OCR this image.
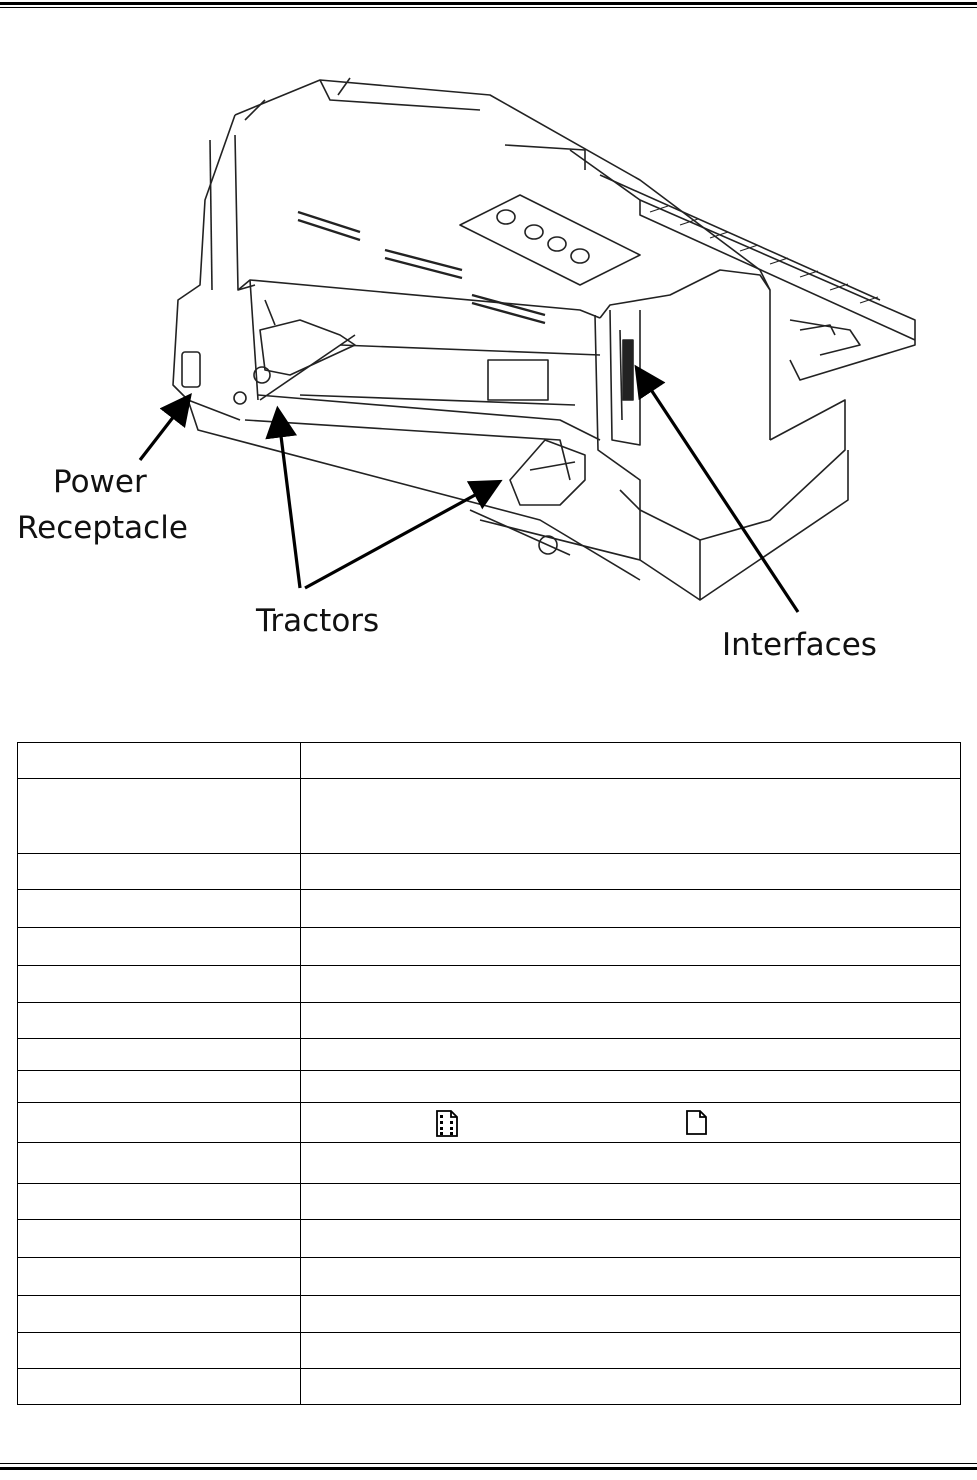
Power
Receptacle
Tractors
Interfaces
